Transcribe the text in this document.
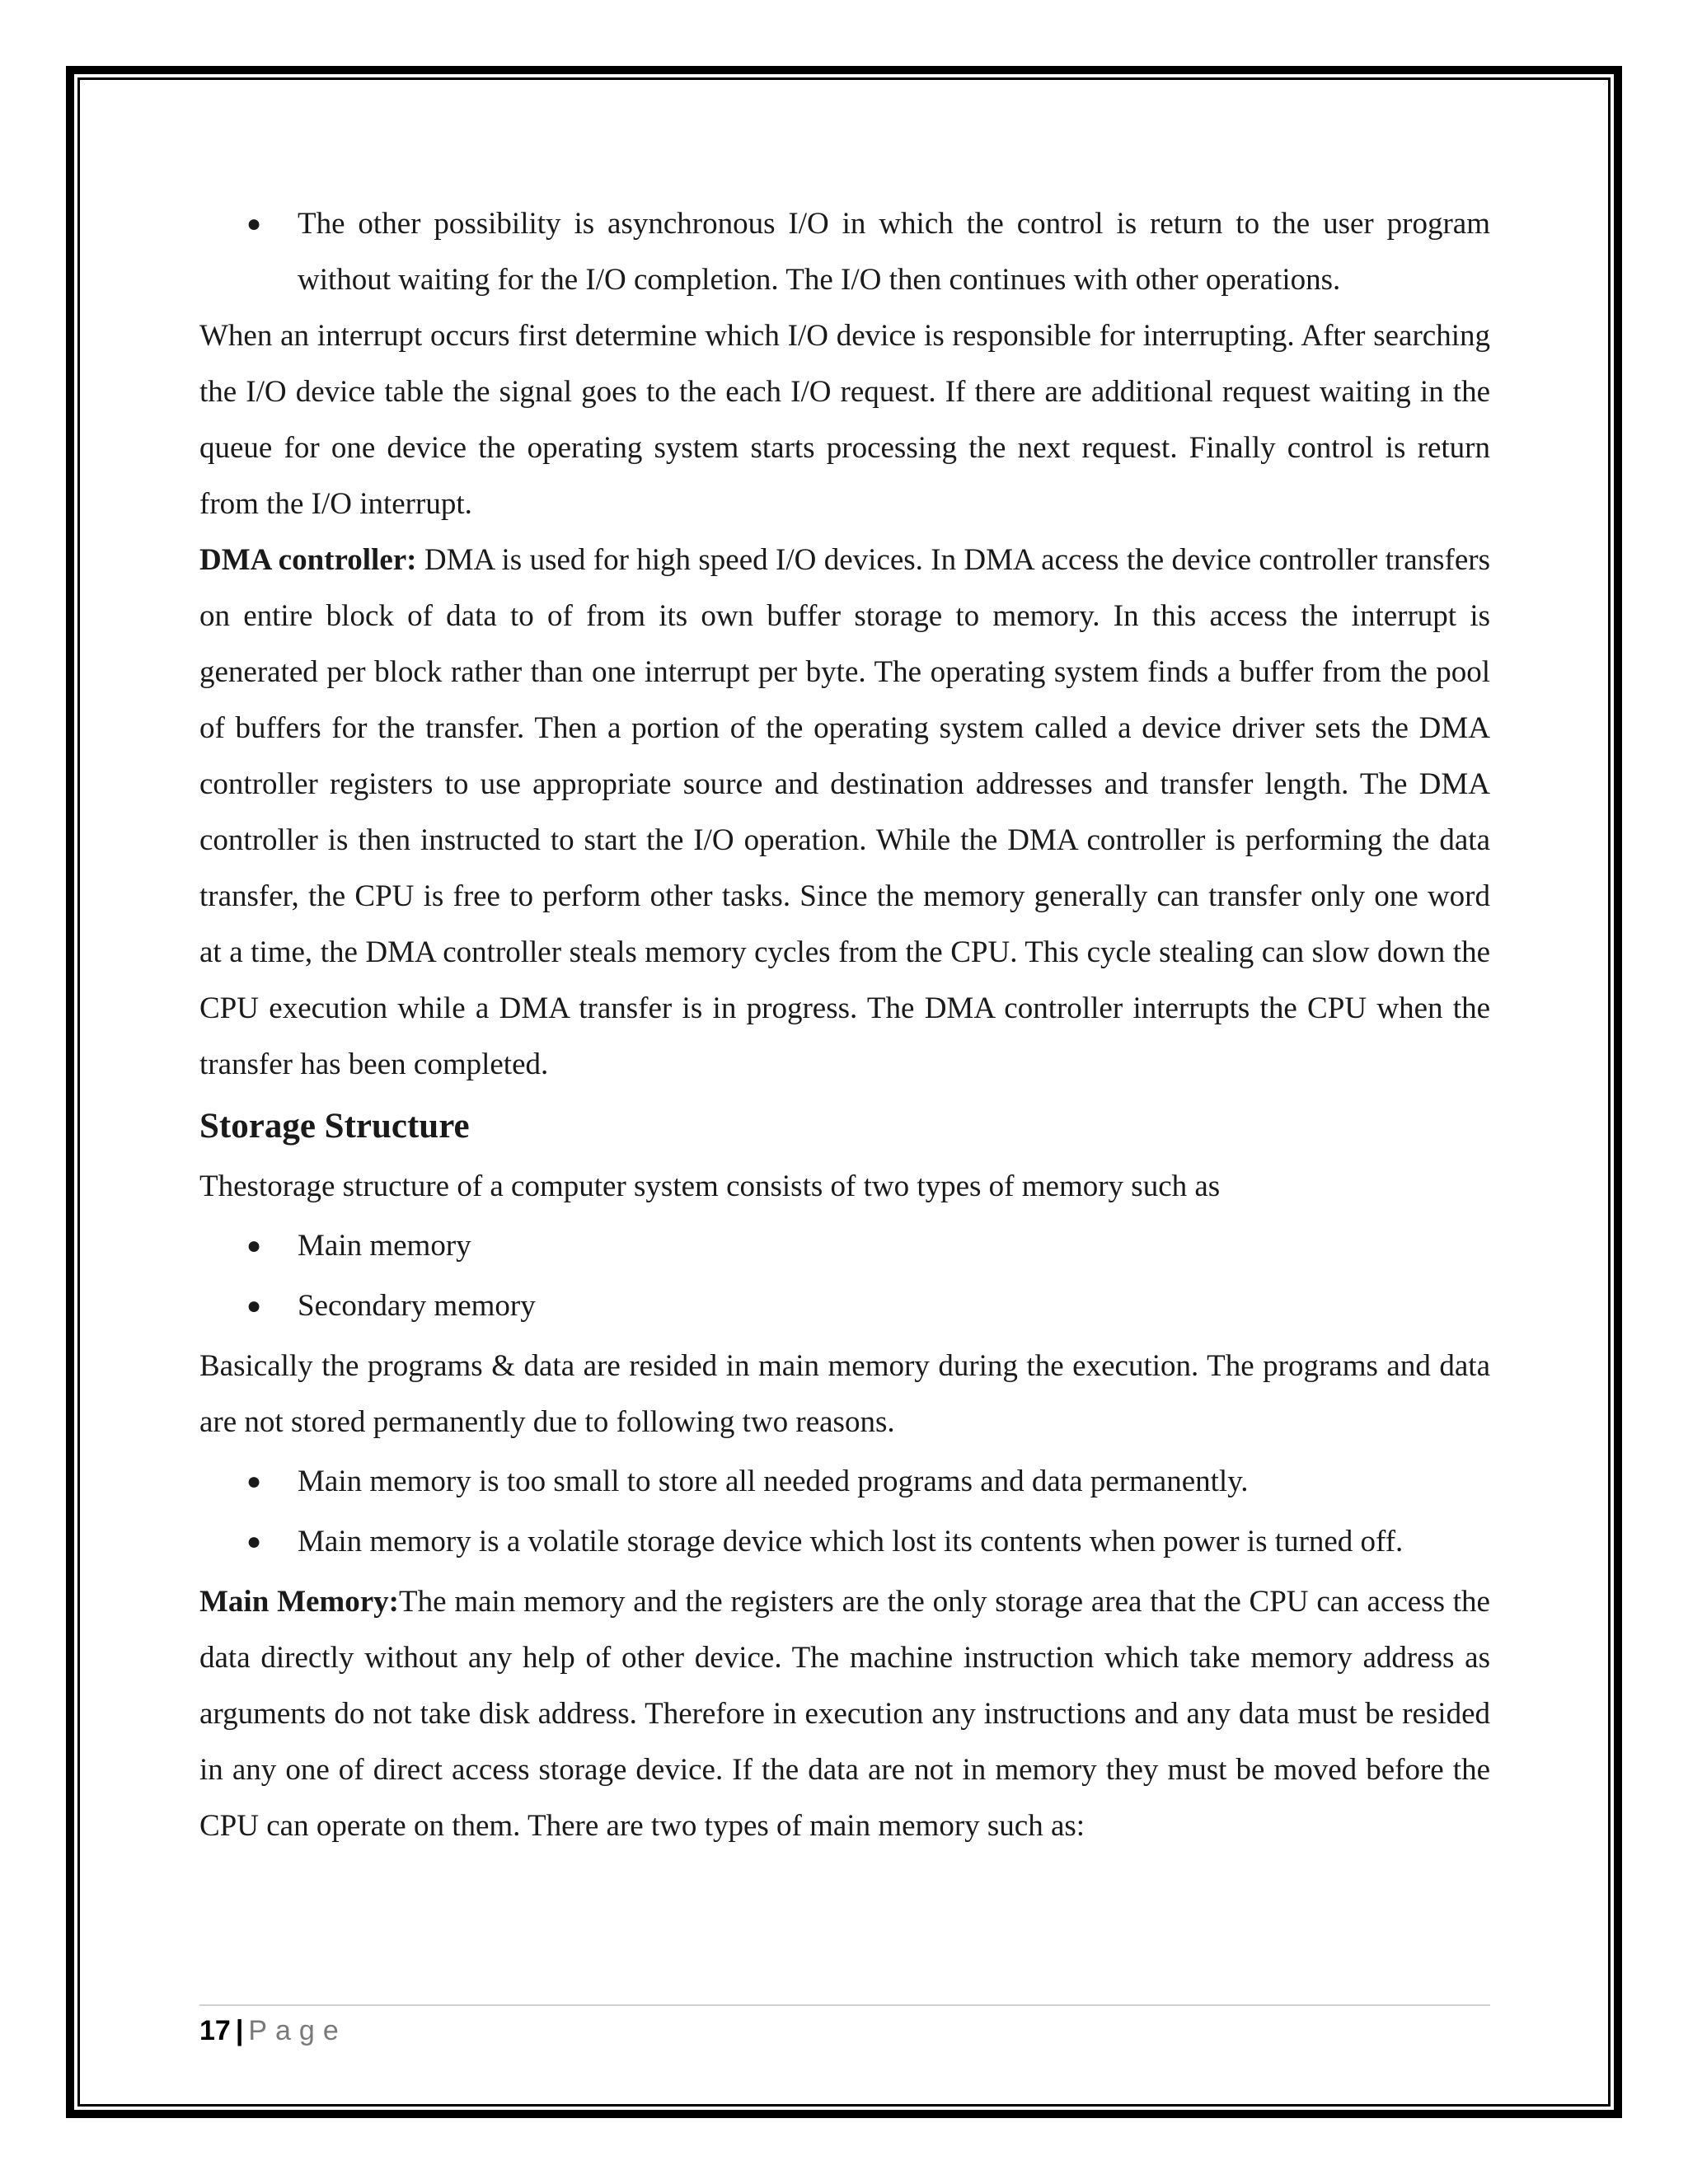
● The other possibility is asynchronous I/O in which the control is return to the user program without waiting for the I/O completion. The I/O then continues with other operations.

When an interrupt occurs first determine which I/O device is responsible for interrupting. After searching the I/O device table the signal goes to the each I/O request. If there are additional request waiting in the queue for one device the operating system starts processing the next request. Finally control is return from the I/O interrupt.

DMA controller: DMA is used for high speed I/O devices. In DMA access the device controller transfers on entire block of data to of from its own buffer storage to memory. In this access the interrupt is generated per block rather than one interrupt per byte. The operating system finds a buffer from the pool of buffers for the transfer. Then a portion of the operating system called a device driver sets the DMA controller registers to use appropriate source and destination addresses and transfer length. The DMA controller is then instructed to start the I/O operation. While the DMA controller is performing the data transfer, the CPU is free to perform other tasks. Since the memory generally can transfer only one word at a time, the DMA controller steals memory cycles from the CPU. This cycle stealing can slow down the CPU execution while a DMA transfer is in progress. The DMA controller interrupts the CPU when the transfer has been completed.

Storage Structure

Thestorage structure of a computer system consists of two types of memory such as

● Main memory
● Secondary memory

Basically the programs & data are resided in main memory during the execution. The programs and data are not stored permanently due to following two reasons.

● Main memory is too small to store all needed programs and data permanently.
● Main memory is a volatile storage device which lost its contents when power is turned off.

Main Memory:The main memory and the registers are the only storage area that the CPU can access the data directly without any help of other device. The machine instruction which take memory address as arguments do not take disk address. Therefore in execution any instructions and any data must be resided in any one of direct access storage device. If the data are not in memory they must be moved before the CPU can operate on them. There are two types of main memory such as:

17 | Page
